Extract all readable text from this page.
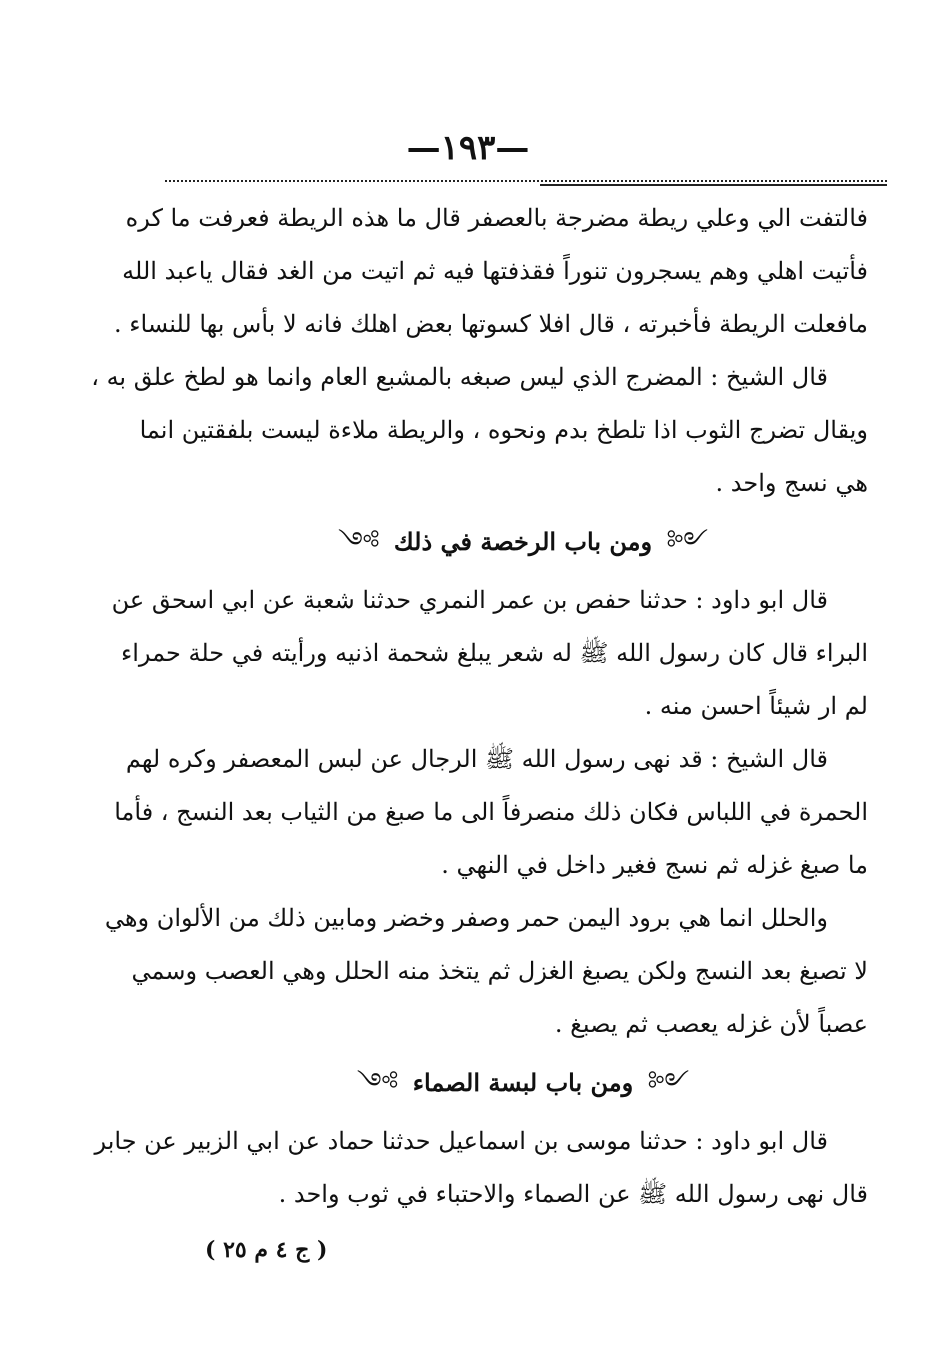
—١٩٣—
فالتفت الي وعلي ريطة مضرجة بالعصفر قال ما هذه الريطة فعرفت ما كره
فأتيت اهلي وهم يسجرون تنوراً فقذفتها فيه ثم اتيت من الغد فقال ياعبد الله
مافعلت الريطة فأخبرته ، قال افلا كسوتها بعض اهلك فانه لا بأس بها للنساء .
قال الشيخ : المضرج الذي ليس صبغه بالمشبع العام وانما هو لطخ علق به ،
ويقال تضرج الثوب اذا تلطخ بدم ونحوه ، والريطة ملاءة ليست بلفقتين انما
هي نسج واحد .
༺ ومن باب الرخصة في ذلك ༻
قال ابو داود : حدثنا حفص بن عمر النمري حدثنا شعبة عن ابي اسحق عن
البراء قال كان رسول الله ﷺ له شعر يبلغ شحمة اذنيه ورأيته في حلة حمراء
لم ار شيئاً احسن منه .
قال الشيخ : قد نهى رسول الله ﷺ الرجال عن لبس المعصفر وكره لهم
الحمرة في اللباس فكان ذلك منصرفاً الى ما صبغ من الثياب بعد النسج ، فأما
ما صبغ غزله ثم نسج فغير داخل في النهي .
والحلل انما هي برود اليمن حمر وصفر وخضر ومابين ذلك من الألوان وهي
لا تصبغ بعد النسج ولكن يصبغ الغزل ثم يتخذ منه الحلل وهي العصب وسمي
عصباً لأن غزله يعصب ثم يصبغ .
༺ ومن باب لبسة الصماء ༻
قال ابو داود : حدثنا موسى بن اسماعيل حدثنا حماد عن ابي الزبير عن جابر
قال نهى رسول الله ﷺ عن الصماء والاحتباء في ثوب واحد .
( ج ٤ م ٢٥ )
